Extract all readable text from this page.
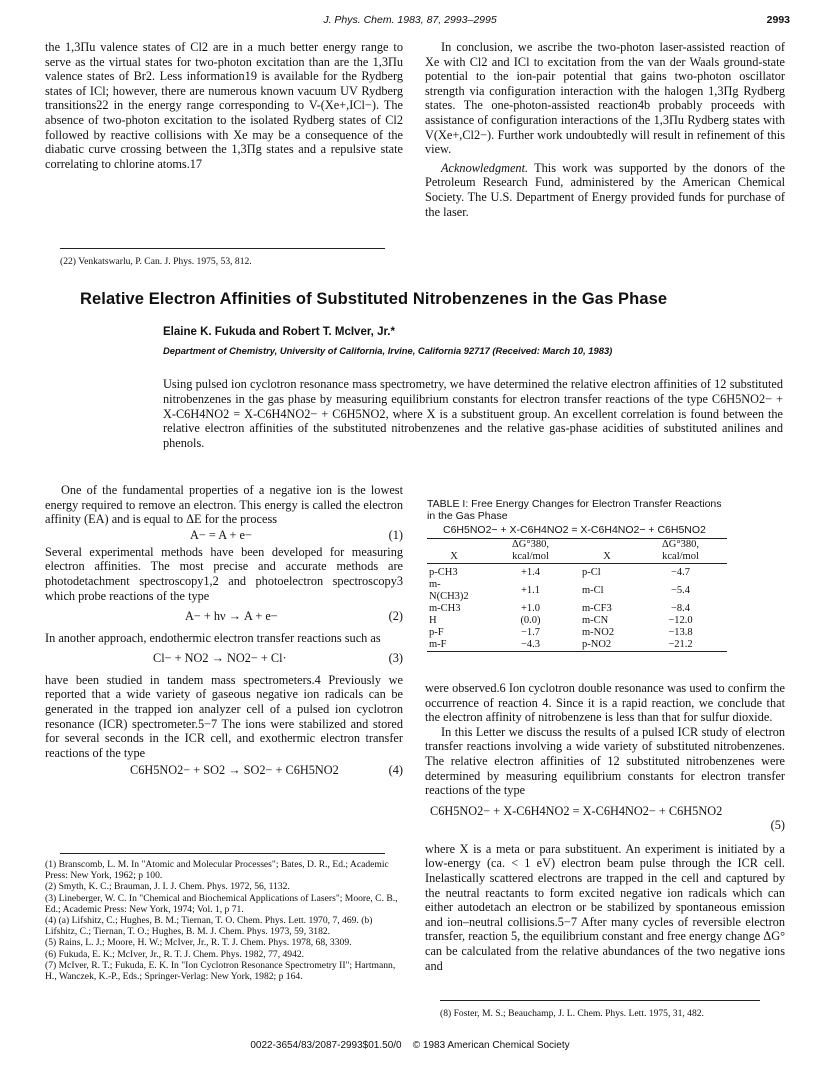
J. Phys. Chem. 1983, 87, 2993–2995	2993

the 1,3Πu valence states of Cl2 are in a much better energy range to serve as the virtual states for two-photon excitation than are the 1,3Πu valence states of Br2. Less information19 is available for the Rydberg states of ICl; however, there are numerous known vacuum UV Rydberg transitions22 in the energy range corresponding to V-(Xe+,ICl−). The absence of two-photon excitation to the isolated Rydberg states of Cl2 followed by reactive collisions with Xe may be a consequence of the diabatic curve crossing between the 1,3Πg states and a repulsive state correlating to chlorine atoms.17

(22) Venkatswarlu, P. Can. J. Phys. 1975, 53, 812.

In conclusion, we ascribe the two-photon laser-assisted reaction of Xe with Cl2 and ICl to excitation from the van der Waals ground-state potential to the ion-pair potential that gains two-photon oscillator strength via configuration interaction with the halogen 1,3Πg Rydberg states. The one-photon-assisted reaction4b probably proceeds with assistance of configuration interactions of the 1,3Πu Rydberg states with V(Xe+,Cl2−). Further work undoubtedly will result in refinement of this view.

Acknowledgment. This work was supported by the donors of the Petroleum Research Fund, administered by the American Chemical Society. The U.S. Department of Energy provided funds for purchase of the laser.

Relative Electron Affinities of Substituted Nitrobenzenes in the Gas Phase
Elaine K. Fukuda and Robert T. McIver, Jr.*
Department of Chemistry, University of California, Irvine, California 92717 (Received: March 10, 1983)
Using pulsed ion cyclotron resonance mass spectrometry, we have determined the relative electron affinities of 12 substituted nitrobenzenes in the gas phase by measuring equilibrium constants for electron transfer reactions of the type C6H5NO2− + X-C6H4NO2 = X-C6H4NO2− + C6H5NO2, where X is a substituent group. An excellent correlation is found between the relative electron affinities of the substituted nitrobenzenes and the relative gas-phase acidities of substituted anilines and phenols.

One of the fundamental properties of a negative ion is the lowest energy required to remove an electron. This energy is called the electron affinity (EA) and is equal to ΔE for the process

A− = A + e−	(1)

Several experimental methods have been developed for measuring electron affinities. The most precise and accurate methods are photodetachment spectroscopy1,2 and photoelectron spectroscopy3 which probe reactions of the type

A− + hν → A + e−	(2)

In another approach, endothermic electron transfer reactions such as

Cl− + NO2 → NO2− + Cl·	(3)

have been studied in tandem mass spectrometers.4 Previously we reported that a wide variety of gaseous negative ion radicals can be generated in the trapped ion analyzer cell of a pulsed ion cyclotron resonance (ICR) spectrometer.5−7 The ions were stabilized and stored for several seconds in the ICR cell, and exothermic electron transfer reactions of the type

C6H5NO2− + SO2 → SO2− + C6H5NO2	(4)
(1) Branscomb, L. M. In "Atomic and Molecular Processes"; Bates, D. R., Ed.; Academic Press: New York, 1962; p 100.
(2) Smyth, K. C.; Brauman, J. I. J. Chem. Phys. 1972, 56, 1132.
(3) Lineberger, W. C. In "Chemical and Biochemical Applications of Lasers"; Moore, C. B., Ed.; Academic Press: New York, 1974; Vol. 1, p 71.
(4) (a) Lifshitz, C.; Hughes, B. M.; Tiernan, T. O. Chem. Phys. Lett. 1970, 7, 469. (b) Lifshitz, C.; Tiernan, T. O.; Hughes, B. M. J. Chem. Phys. 1973, 59, 3182.
(5) Rains, L. J.; Moore, H. W.; McIver, Jr., R. T. J. Chem. Phys. 1978, 68, 3309.
(6) Fukuda, E. K.; McIver, Jr., R. T. J. Chem. Phys. 1982, 77, 4942.
(7) McIver, R. T.; Fukuda, E. K. In "Ion Cyclotron Resonance Spectrometry II"; Hartmann, H., Wanczek, K.-P., Eds.; Springer-Verlag: New York, 1982; p 164.
TABLE I: Free Energy Changes for Electron Transfer Reactions in the Gas Phase
C6H5NO2− + X-C6H4NO2 = X-C6H4NO2− + C6H5NO2
	ΔG°380,		ΔG°380,
X	kcal/mol	X	kcal/mol

p-CH3	+1.4	p-Cl	−4.7
m-N(CH3)2	+1.1	m-Cl	−5.4
m-CH3	+1.0	m-CF3	−8.4
H	(0.0)	m-CN	−12.0
p-F	−1.7	m-NO2	−13.8
m-F	−4.3	p-NO2	−21.2

were observed.6 Ion cyclotron double resonance was used to confirm the occurrence of reaction 4. Since it is a rapid reaction, we conclude that the electron affinity of nitrobenzene is less than that for sulfur dioxide.

In this Letter we discuss the results of a pulsed ICR study of electron transfer reactions involving a wide variety of substituted nitrobenzenes. The relative electron affinities of 12 substituted nitrobenzenes were determined by measuring equilibrium constants for electron transfer reactions of the type

C6H5NO2− + X-C6H4NO2 = X-C6H4NO2− + C6H5NO2
(5)

where X is a meta or para substituent. An experiment is initiated by a low-energy (ca. < 1 eV) electron beam pulse through the ICR cell. Inelastically scattered electrons are trapped in the cell and captured by the neutral reactants to form excited negative ion radicals which can either autodetach an electron or be stabilized by spontaneous emission and ion–neutral collisions.5−7 After many cycles of reversible electron transfer, reaction 5, the equilibrium constant and free energy change ΔG° can be calculated from the relative abundances of the two negative ions and

(8) Foster, M. S.; Beauchamp, J. L. Chem. Phys. Lett. 1975, 31, 482.
0022-3654/83/2087-2993$01.50/0 © 1983 American Chemical Society
